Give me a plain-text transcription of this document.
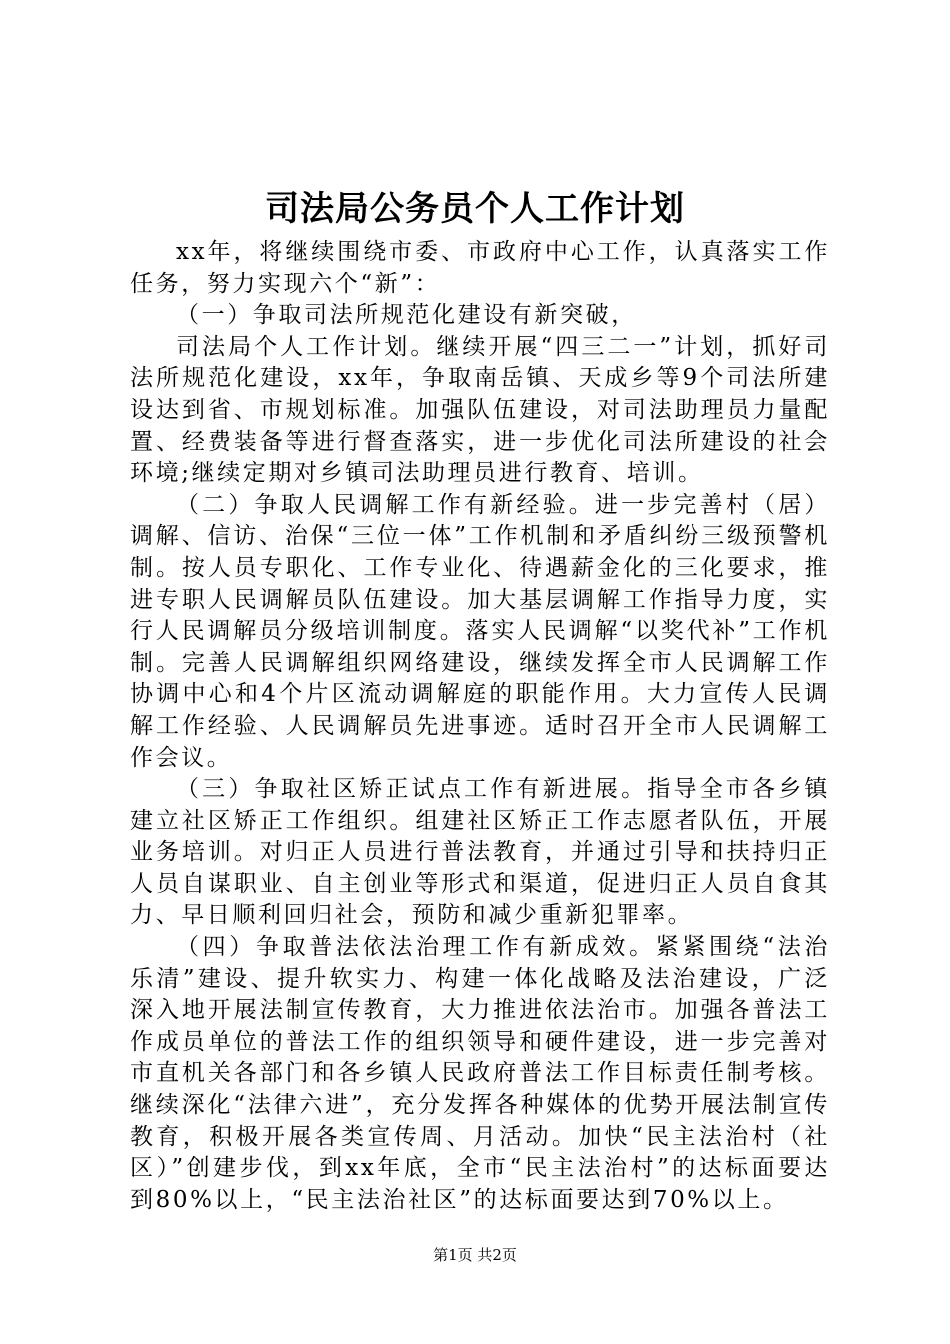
司法局公务员个人工作计划

xx年，将继续围绕市委、市政府中心工作，认真落实工作任务，努力实现六个“新”：

（一）争取司法所规范化建设有新突破，

司法局个人工作计划。继续开展“四三二一”计划，抓好司法所规范化建设，xx年，争取南岳镇、天成乡等9个司法所建设达到省、市规划标准。加强队伍建设，对司法助理员力量配置、经费装备等进行督查落实，进一步优化司法所建设的社会环境;继续定期对乡镇司法助理员进行教育、培训。

（二）争取人民调解工作有新经验。进一步完善村（居）调解、信访、治保“三位一体”工作机制和矛盾纠纷三级预警机制。按人员专职化、工作专业化、待遇薪金化的三化要求，推进专职人民调解员队伍建设。加大基层调解工作指导力度，实行人民调解员分级培训制度。落实人民调解“以奖代补”工作机制。完善人民调解组织网络建设，继续发挥全市人民调解工作协调中心和4个片区流动调解庭的职能作用。大力宣传人民调解工作经验、人民调解员先进事迹。适时召开全市人民调解工作会议。

（三）争取社区矫正试点工作有新进展。指导全市各乡镇建立社区矫正工作组织。组建社区矫正工作志愿者队伍，开展业务培训。对归正人员进行普法教育，并通过引导和扶持归正人员自谋职业、自主创业等形式和渠道，促进归正人员自食其力、早日顺利回归社会，预防和减少重新犯罪率。

（四）争取普法依法治理工作有新成效。紧紧围绕“法治乐清”建设、提升软实力、构建一体化战略及法治建设，广泛深入地开展法制宣传教育，大力推进依法治市。加强各普法工作成员单位的普法工作的组织领导和硬件建设，进一步完善对市直机关各部门和各乡镇人民政府普法工作目标责任制考核。继续深化“法律六进”，充分发挥各种媒体的优势开展法制宣传教育，积极开展各类宣传周、月活动。加快“民主法治村（社区）”创建步伐，到xx年底，全市“民主法治村”的达标面要达到80%以上，“民主法治社区”的达标面要达到70%以上。

第1页 共2页
